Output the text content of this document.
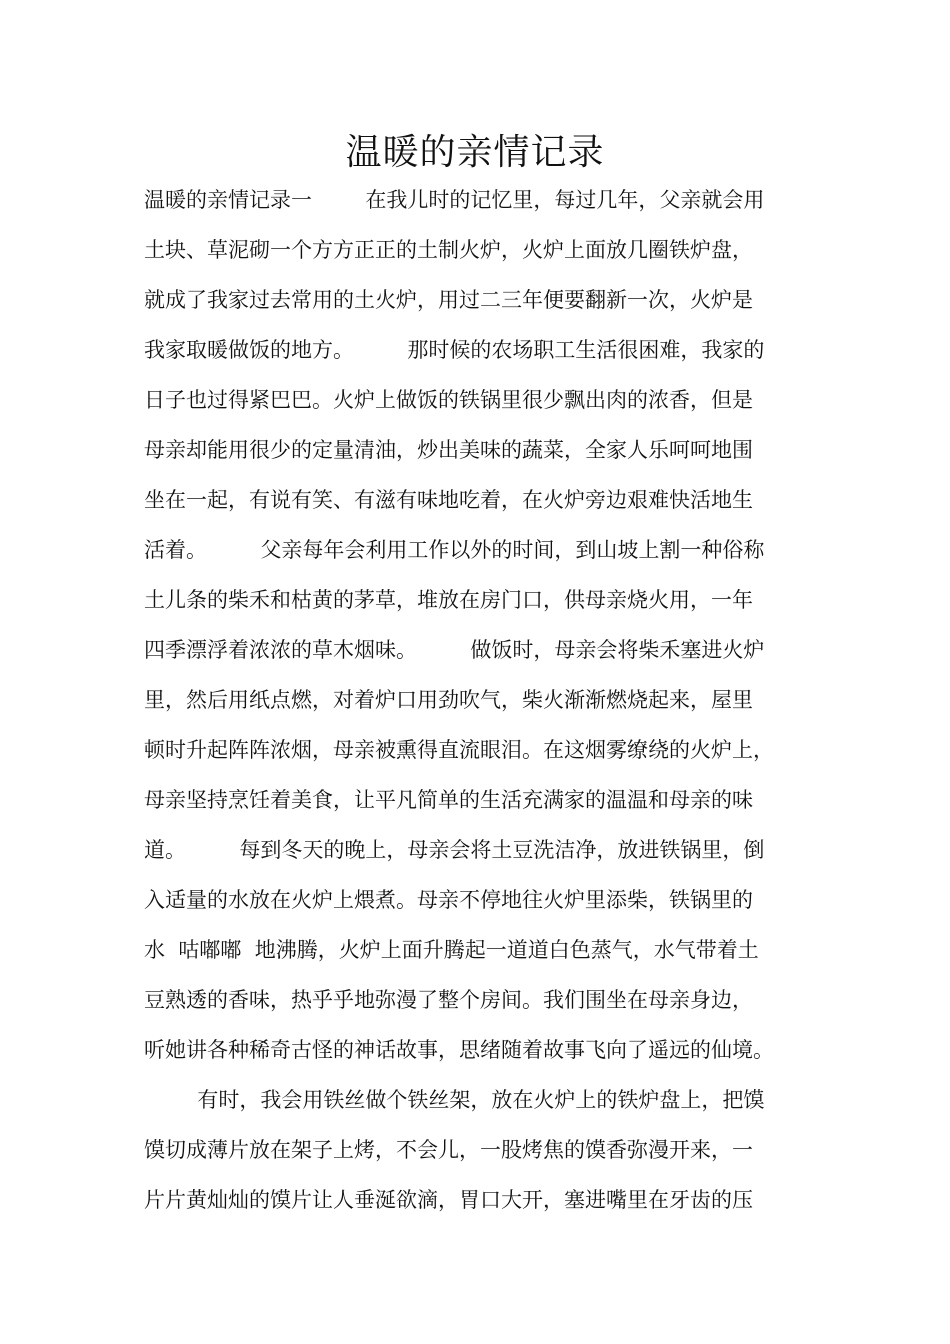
温暖的亲情记录
温暖的亲情记录一        在我儿时的记忆里，每过几年，父亲就会用
土块、草泥砌一个方方正正的土制火炉，火炉上面放几圈铁炉盘，
就成了我家过去常用的土火炉，用过二三年便要翻新一次，火炉是
我家取暖做饭的地方。        那时候的农场职工生活很困难，我家的
日子也过得紧巴巴。火炉上做饭的铁锅里很少飘出肉的浓香，但是
母亲却能用很少的定量清油，炒出美味的蔬菜，全家人乐呵呵地围
坐在一起，有说有笑、有滋有味地吃着，在火炉旁边艰难快活地生
活着。        父亲每年会利用工作以外的时间，到山坡上割一种俗称
土儿条的柴禾和枯黄的茅草，堆放在房门口，供母亲烧火用，一年
四季漂浮着浓浓的草木烟味。        做饭时，母亲会将柴禾塞进火炉
里，然后用纸点燃，对着炉口用劲吹气，柴火渐渐燃烧起来，屋里
顿时升起阵阵浓烟，母亲被熏得直流眼泪。在这烟雾缭绕的火炉上，
母亲坚持烹饪着美食，让平凡简单的生活充满家的温温和母亲的味
道。        每到冬天的晚上，母亲会将土豆洗洁净，放进铁锅里，倒
入适量的水放在火炉上煨煮。母亲不停地往火炉里添柴，铁锅里的
水  咕嘟嘟  地沸腾，火炉上面升腾起一道道白色蒸气，水气带着土
豆熟透的香味，热乎乎地弥漫了整个房间。我们围坐在母亲身边，
听她讲各种稀奇古怪的神话故事，思绪随着故事飞向了遥远的仙境。
有时，我会用铁丝做个铁丝架，放在火炉上的铁炉盘上，把馍
馍切成薄片放在架子上烤，不会儿，一股烤焦的馍香弥漫开来，一
片片黄灿灿的馍片让人垂涎欲滴，胃口大开，塞进嘴里在牙齿的压
